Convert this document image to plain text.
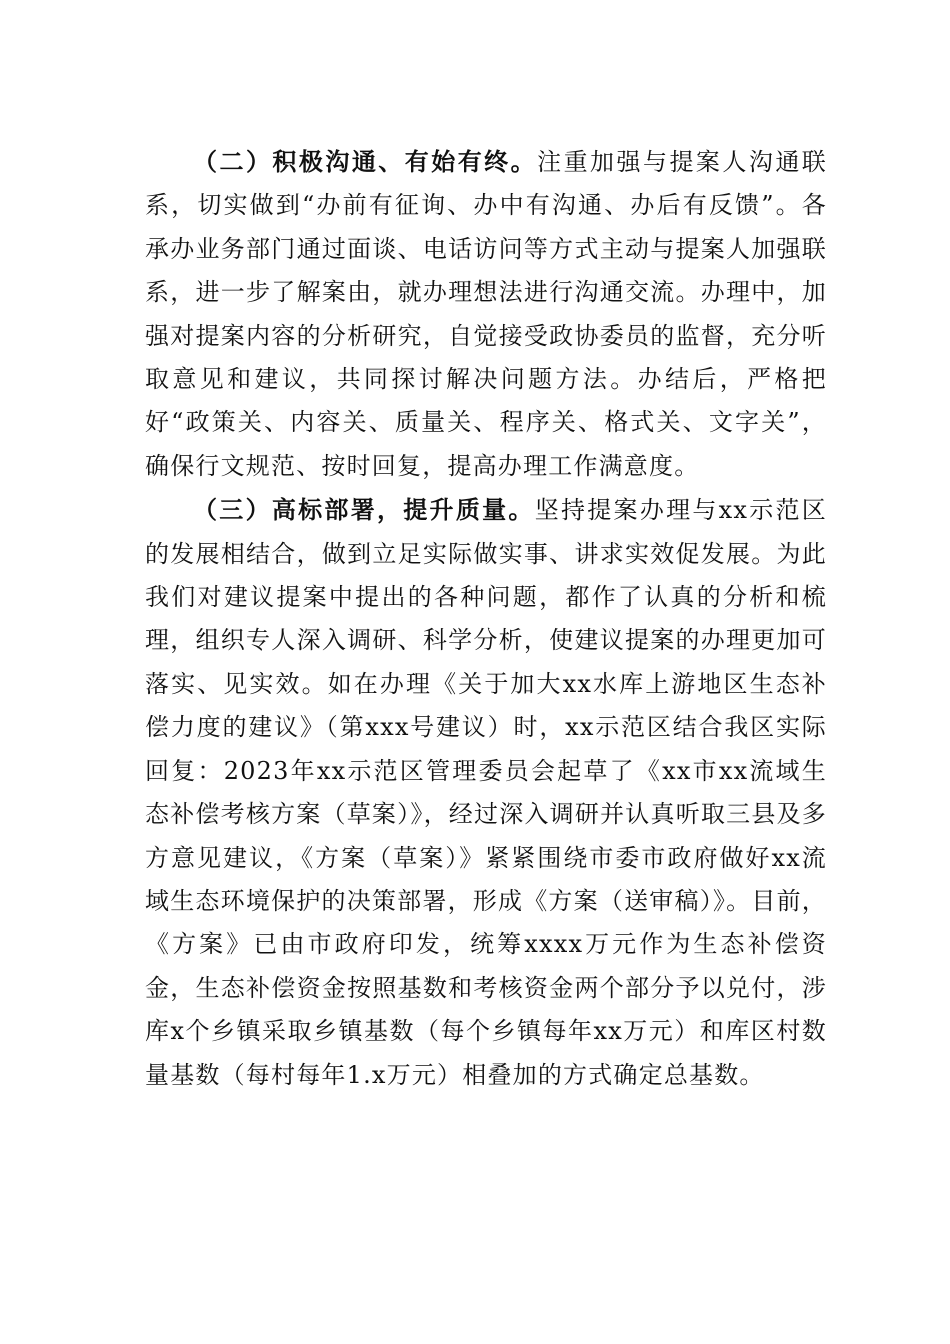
（二）积极沟通、有始有终。注重加强与提案人沟通联系，切实做到“办前有征询、办中有沟通、办后有反馈”。各承办业务部门通过面谈、电话访问等方式主动与提案人加强联系，进一步了解案由，就办理想法进行沟通交流。办理中，加强对提案内容的分析研究，自觉接受政协委员的监督，充分听取意见和建议，共同探讨解决问题方法。办结后，严格把好“政策关、内容关、质量关、程序关、格式关、文字关”，确保行文规范、按时回复，提高办理工作满意度。

（三）高标部署，提升质量。坚持提案办理与xx示范区的发展相结合，做到立足实际做实事、讲求实效促发展。为此我们对建议提案中提出的各种问题，都作了认真的分析和梳理，组织专人深入调研、科学分析，使建议提案的办理更加可落实、见实效。如在办理《关于加大xx水库上游地区生态补偿力度的建议》（第xxx号建议）时，xx示范区结合我区实际回复：2023年xx示范区管理委员会起草了《xx市xx流域生态补偿考核方案（草案）》，经过深入调研并认真听取三县及多方意见建议，《方案（草案）》紧紧围绕市委市政府做好xx流域生态环境保护的决策部署，形成《方案（送审稿）》。目前，《方案》已由市政府印发，统筹xxxx万元作为生态补偿资金，生态补偿资金按照基数和考核资金两个部分予以兑付，涉库x个乡镇采取乡镇基数（每个乡镇每年xx万元）和库区村数量基数（每村每年1.x万元）相叠加的方式确定总基数。
